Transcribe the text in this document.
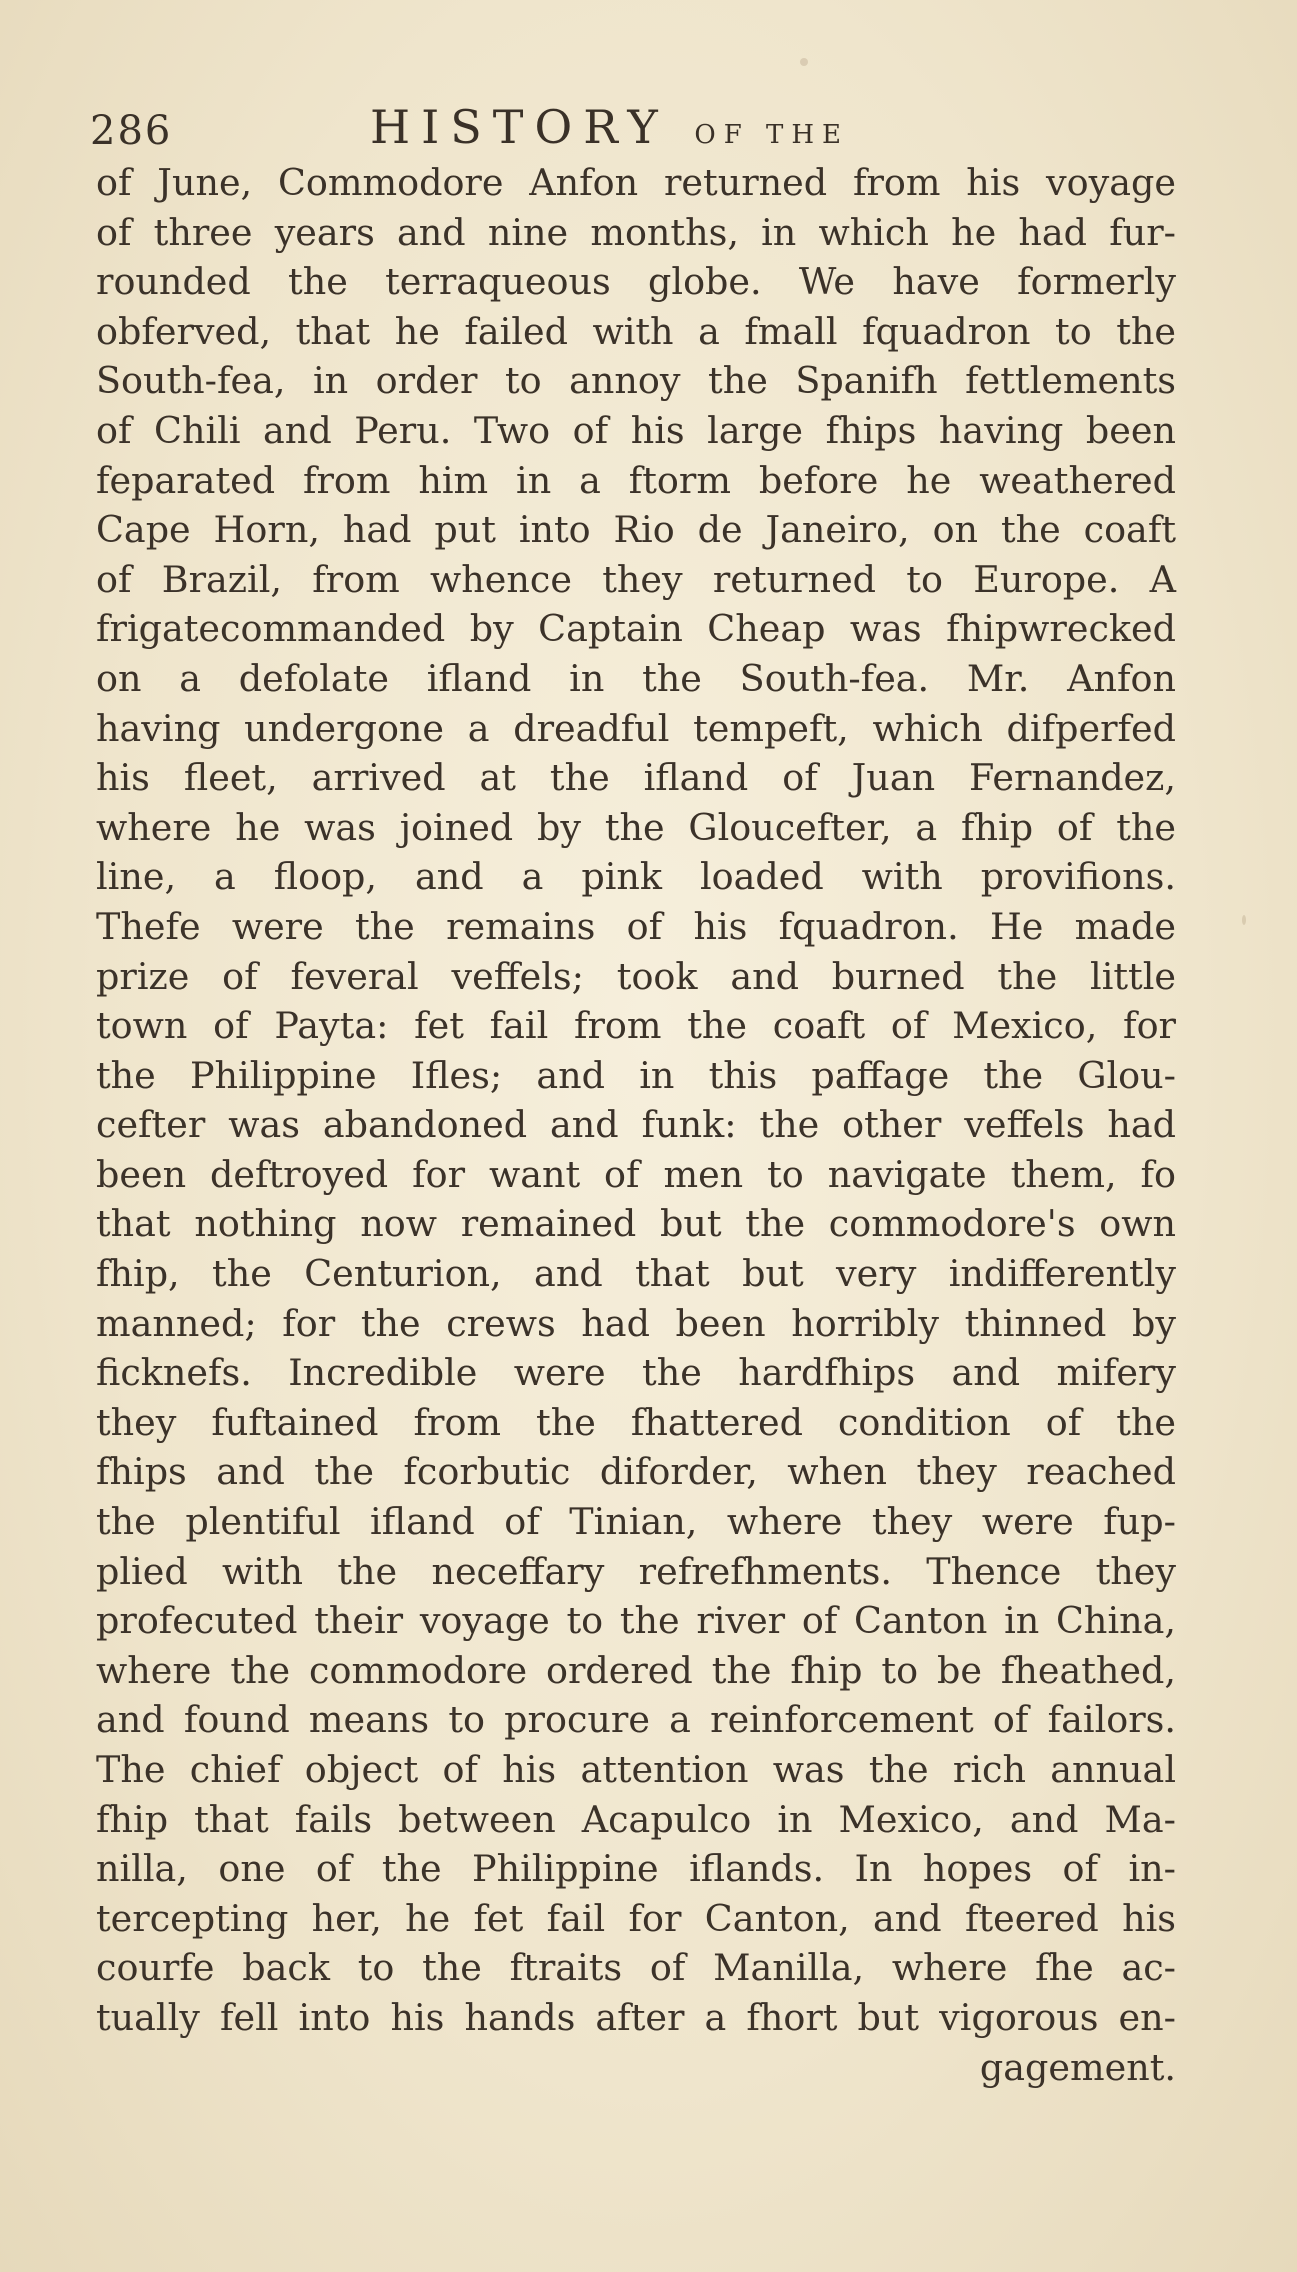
286	HISTORY OF THE
of June, Commodore Anfon returned from his voyage
of three years and nine months, in which he had fur-
rounded the terraqueous globe. We have formerly
obferved, that he failed with a fmall fquadron to the
South-fea, in order to annoy the Spanifh fettlements
of Chili and Peru. Two of his large fhips having been
feparated from him in a ftorm before he weathered
Cape Horn, had put into Rio de Janeiro, on the coaft
of Brazil, from whence they returned to Europe. A
frigatecommanded by Captain Cheap was fhipwrecked
on a defolate ifland in the South-fea. Mr. Anfon
having undergone a dreadful tempeft, which difperfed
his fleet, arrived at the ifland of Juan Fernandez,
where he was joined by the Gloucefter, a fhip of the
line, a floop, and a pink loaded with provifions.
Thefe were the remains of his fquadron. He made
prize of feveral veffels; took and burned the little
town of Payta: fet fail from the coaft of Mexico, for
the Philippine Ifles; and in this paffage the Glou-
cefter was abandoned and funk: the other veffels had
been deftroyed for want of men to navigate them, fo
that nothing now remained but the commodore's own
fhip, the Centurion, and that but very indifferently
manned; for the crews had been horribly thinned by
ficknefs. Incredible were the hardfhips and mifery
they fuftained from the fhattered condition of the
fhips and the fcorbutic diforder, when they reached
the plentiful ifland of Tinian, where they were fup-
plied with the neceffary refrefhments. Thence they
profecuted their voyage to the river of Canton in China,
where the commodore ordered the fhip to be fheathed,
and found means to procure a reinforcement of failors.
The chief object of his attention was the rich annual
fhip that fails between Acapulco in Mexico, and Ma-
nilla, one of the Philippine iflands. In hopes of in-
tercepting her, he fet fail for Canton, and fteered his
courfe back to the ftraits of Manilla, where fhe ac-
tually fell into his hands after a fhort but vigorous en-
gagement.
